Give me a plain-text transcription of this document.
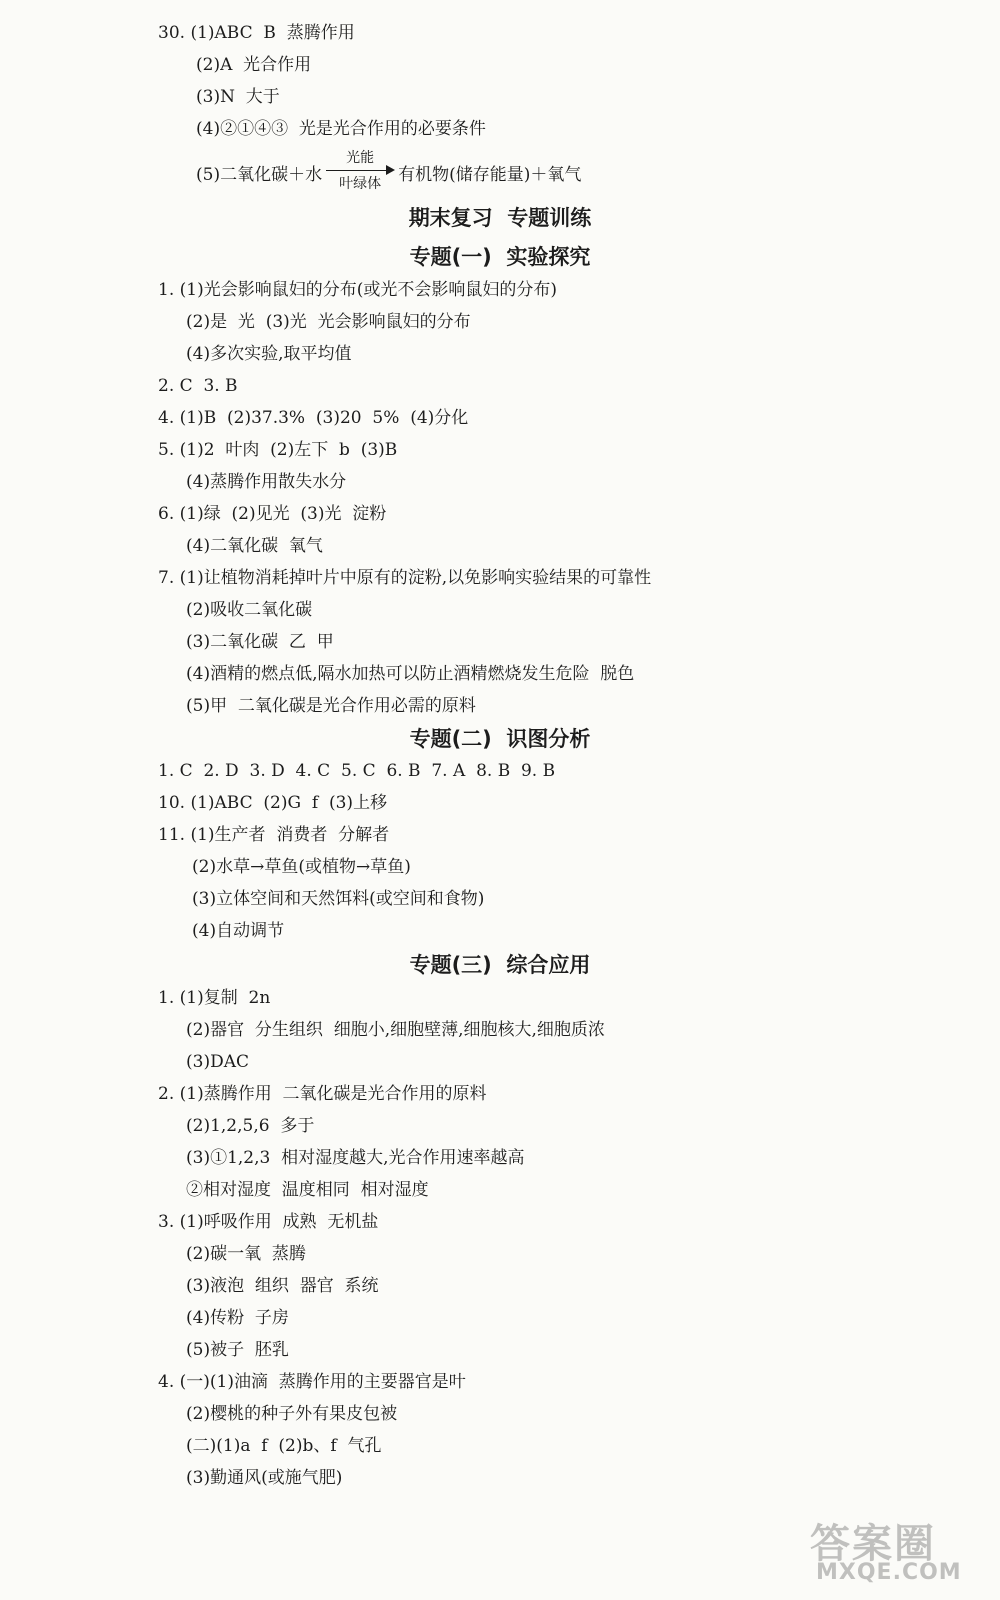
30. (1)ABC  B  蒸腾作用
(2)A  光合作用
(3)N  大于
(4)②①④③  光是光合作用的必要条件
(5)二氧化碳＋水

光能

叶绿体

	有机物(储存能量)＋氧气
期末复习  专题训练
专题(一)  实验探究
1. (1)光会影响鼠妇的分布(或光不会影响鼠妇的分布)
(2)是  光  (3)光  光会影响鼠妇的分布
(4)多次实验,取平均值
2. C  3. B
4. (1)B  (2)37.3%  (3)20  5%  (4)分化
5. (1)2  叶肉  (2)左下  b  (3)B
(4)蒸腾作用散失水分
6. (1)绿  (2)见光  (3)光  淀粉
(4)二氧化碳  氧气
7. (1)让植物消耗掉叶片中原有的淀粉,以免影响实验结果的可靠性
(2)吸收二氧化碳
(3)二氧化碳  乙  甲
(4)酒精的燃点低,隔水加热可以防止酒精燃烧发生危险  脱色
(5)甲  二氧化碳是光合作用必需的原料
专题(二)  识图分析
1. C  2. D  3. D  4. C  5. C  6. B  7. A  8. B  9. B
10. (1)ABC  (2)G  f  (3)上移
11. (1)生产者  消费者  分解者
(2)水草→草鱼(或植物→草鱼)
(3)立体空间和天然饵料(或空间和食物)
(4)自动调节
专题(三)  综合应用
1. (1)复制  2n
(2)器官  分生组织  细胞小,细胞壁薄,细胞核大,细胞质浓
(3)DAC
2. (1)蒸腾作用  二氧化碳是光合作用的原料
(2)1,2,5,6  多于
(3)①1,2,3  相对湿度越大,光合作用速率越高
②相对湿度  温度相同  相对湿度
3. (1)呼吸作用  成熟  无机盐
(2)碳一氧  蒸腾
(3)液泡  组织  器官  系统
(4)传粉  子房
(5)被子  胚乳
4. (一)(1)油滴  蒸腾作用的主要器官是叶
(2)樱桃的种子外有果皮包被
(二)(1)a  f  (2)b、f  气孔
(3)勤通风(或施气肥)
答案圈
MXQE.COM
